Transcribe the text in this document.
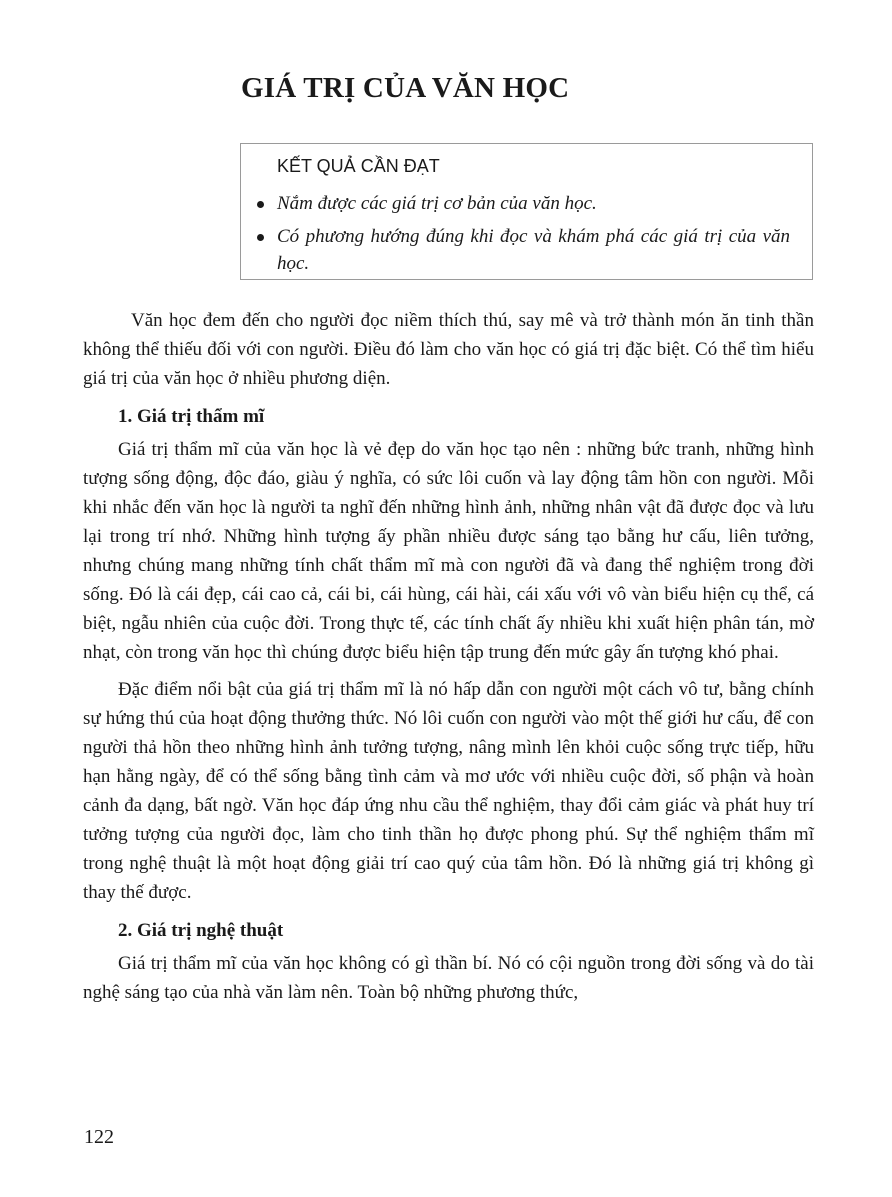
GIÁ TRỊ CỦA VĂN HỌC
KẾT QUẢ CẦN ĐẠT
Nắm được các giá trị cơ bản của văn học.
Có phương hướng đúng khi đọc và khám phá các giá trị của văn học.

Văn học đem đến cho người đọc niềm thích thú, say mê và trở thành món ăn tinh thần không thể thiếu đối với con người. Điều đó làm cho văn học có giá trị đặc biệt. Có thể tìm hiểu giá trị của văn học ở nhiều phương diện.

1. Giá trị thẩm mĩ

Giá trị thẩm mĩ của văn học là vẻ đẹp do văn học tạo nên : những bức tranh, những hình tượng sống động, độc đáo, giàu ý nghĩa, có sức lôi cuốn và lay động tâm hồn con người. Mỗi khi nhắc đến văn học là người ta nghĩ đến những hình ảnh, những nhân vật đã được đọc và lưu lại trong trí nhớ. Những hình tượng ấy phần nhiều được sáng tạo bằng hư cấu, liên tưởng, nhưng chúng mang những tính chất thẩm mĩ mà con người đã và đang thể nghiệm trong đời sống. Đó là cái đẹp, cái cao cả, cái bi, cái hùng, cái hài, cái xấu với vô vàn biểu hiện cụ thể, cá biệt, ngẫu nhiên của cuộc đời. Trong thực tế, các tính chất ấy nhiều khi xuất hiện phân tán, mờ nhạt, còn trong văn học thì chúng được biểu hiện tập trung đến mức gây ấn tượng khó phai.

Đặc điểm nổi bật của giá trị thẩm mĩ là nó hấp dẫn con người một cách vô tư, bằng chính sự hứng thú của hoạt động thưởng thức. Nó lôi cuốn con người vào một thế giới hư cấu, để con người thả hồn theo những hình ảnh tưởng tượng, nâng mình lên khỏi cuộc sống trực tiếp, hữu hạn hằng ngày, để có thể sống bằng tình cảm và mơ ước với nhiều cuộc đời, số phận và hoàn cảnh đa dạng, bất ngờ. Văn học đáp ứng nhu cầu thể nghiệm, thay đổi cảm giác và phát huy trí tưởng tượng của người đọc, làm cho tinh thần họ được phong phú. Sự thể nghiệm thẩm mĩ trong nghệ thuật là một hoạt động giải trí cao quý của tâm hồn. Đó là những giá trị không gì thay thế được.

2. Giá trị nghệ thuật

Giá trị thẩm mĩ của văn học không có gì thần bí. Nó có cội nguồn trong đời sống và do tài nghệ sáng tạo của nhà văn làm nên. Toàn bộ những phương thức,

122
